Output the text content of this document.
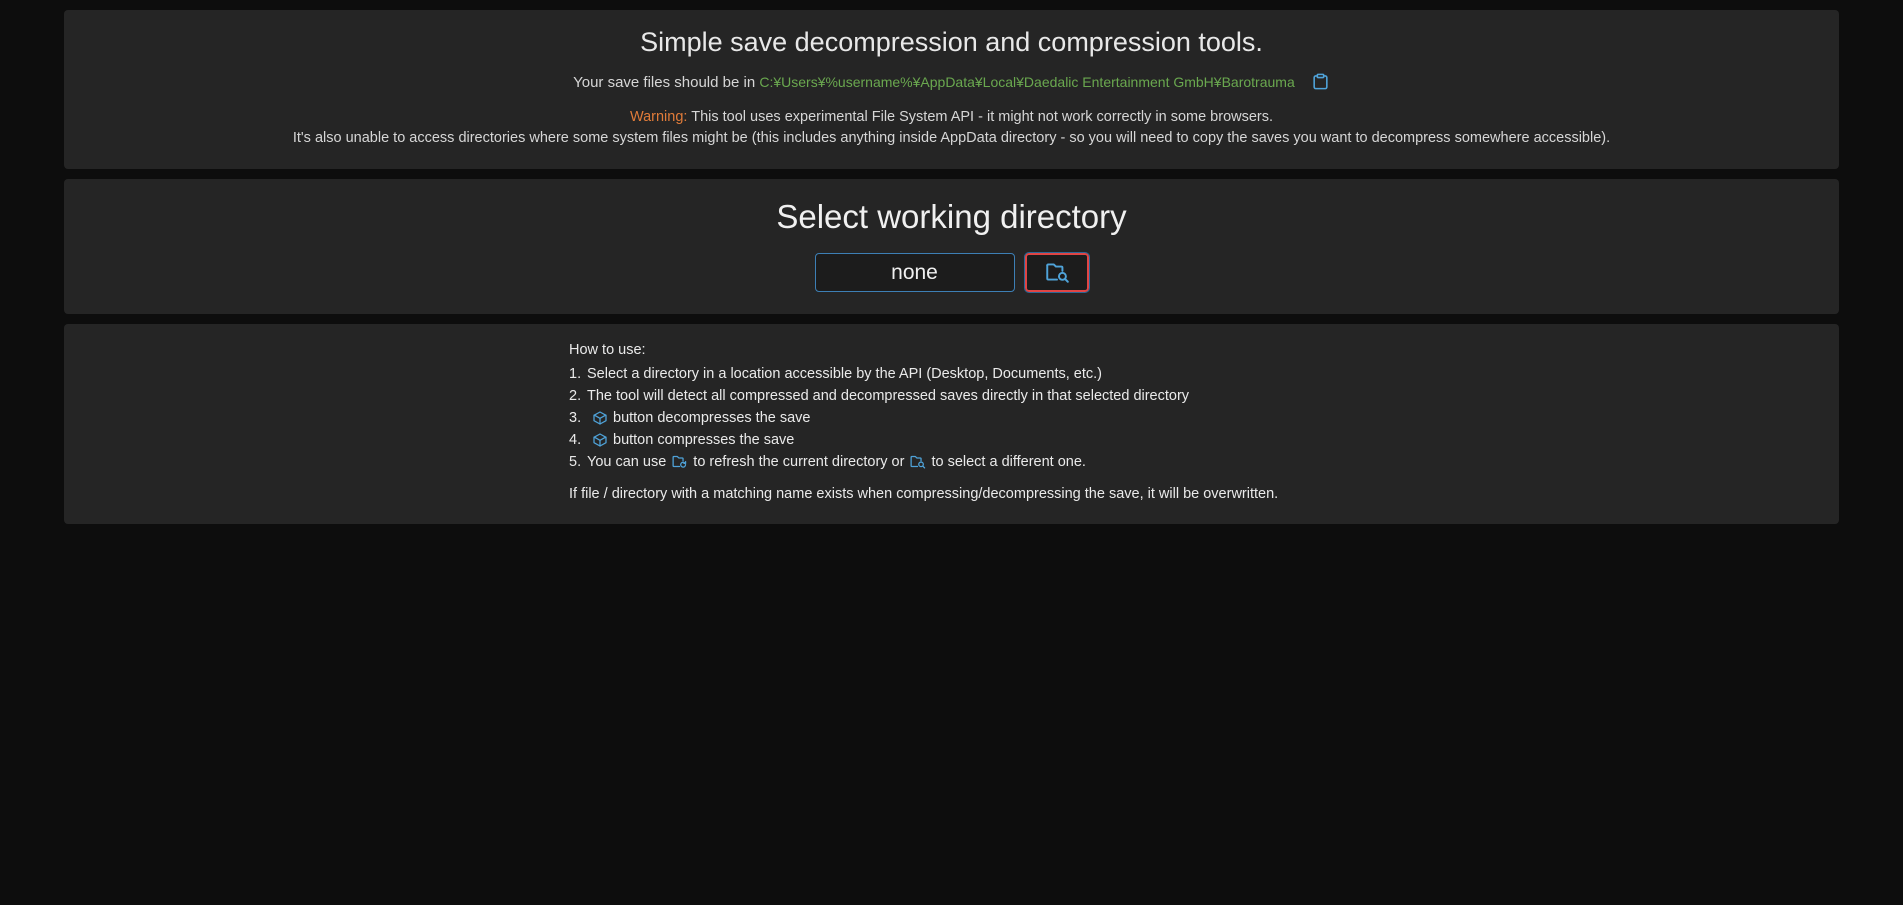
Simple save decompression and compression tools.
Your save files should be in C:¥Users¥%username%¥AppData¥Local¥Daedalic Entertainment GmbH¥Barotrauma
Warning: This tool uses experimental File System API - it might not work correctly in some browsers.
It's also unable to access directories where some system files might be (this includes anything inside AppData directory - so you will need to copy the saves you want to decompress somewhere accessible).
Select working directory
none
How to use:
1. Select a directory in a location accessible by the API (Desktop, Documents, etc.)
2. The tool will detect all compressed and decompressed saves directly in that selected directory
3.	button decompresses the save
4.	button compresses the save
5. You can use to refresh the current directory or to select a different one.
If file / directory with a matching name exists when compressing/decompressing the save, it will be overwritten.
